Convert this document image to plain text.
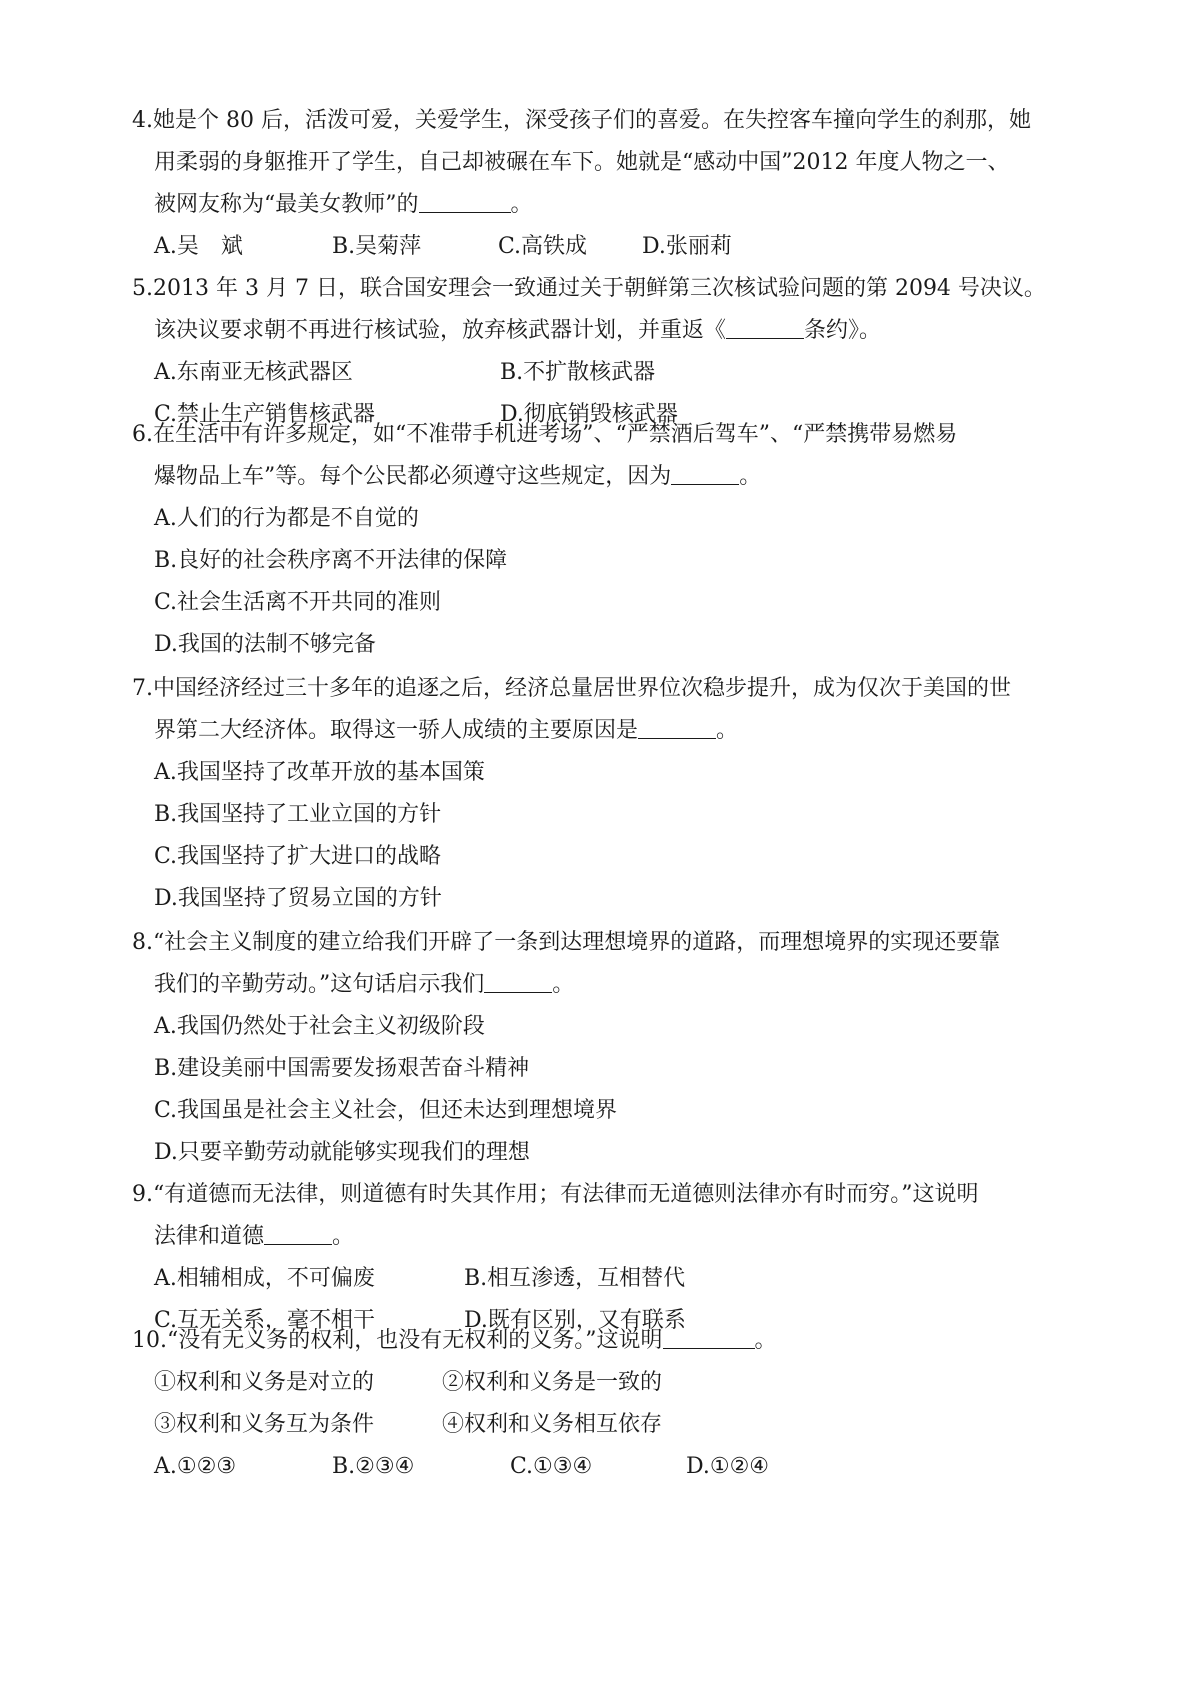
4.她是个 80 后，活泼可爱，关爱学生，深受孩子们的喜爱。在失控客车撞向学生的刹那，她
用柔弱的身躯推开了学生，自己却被碾在车下。她就是“感动中国”2012 年度人物之一、
被网友称为“最美女教师”的	。
A.吴　斌	B.吴菊萍	C.高铁成 D.张丽莉
5.2013 年 3 月 7 日，联合国安理会一致通过关于朝鲜第三次核试验问题的第 2094 号决议。
该决议要求朝不再进行核试验，放弃核武器计划，并重返《	条约》。
A.东南亚无核武器区	B.不扩散核武器
C.禁止生产销售核武器	D.彻底销毁核武器
6.在生活中有许多规定，如“不准带手机进考场”、“严禁酒后驾车”、“严禁携带易燃易
爆物品上车”等。每个公民都必须遵守这些规定，因为	。
A.人们的行为都是不自觉的
B.良好的社会秩序离不开法律的保障
C.社会生活离不开共同的准则
D.我国的法制不够完备
7.中国经济经过三十多年的追逐之后，经济总量居世界位次稳步提升，成为仅次于美国的世
界第二大经济体。取得这一骄人成绩的主要原因是	。
A.我国坚持了改革开放的基本国策
B.我国坚持了工业立国的方针
C.我国坚持了扩大进口的战略
D.我国坚持了贸易立国的方针
8.“社会主义制度的建立给我们开辟了一条到达理想境界的道路，而理想境界的实现还要靠
我们的辛勤劳动。”这句话启示我们	。
A.我国仍然处于社会主义初级阶段
B.建设美丽中国需要发扬艰苦奋斗精神
C.我国虽是社会主义社会，但还未达到理想境界
D.只要辛勤劳动就能够实现我们的理想
9.“有道德而无法律，则道德有时失其作用；有法律而无道德则法律亦有时而穷。”这说明
法律和道德	。
A.相辅相成，不可偏废	B.相互渗透，互相替代
C.互无关系，毫不相干	D.既有区别，又有联系
10.“没有无义务的权利，也没有无权利的义务。”这说明	。
①权利和义务是对立的	②权利和义务是一致的
③权利和义务互为条件	④权利和义务相互依存
A.①②③	B.②③④	C.①③④	D.①②④
